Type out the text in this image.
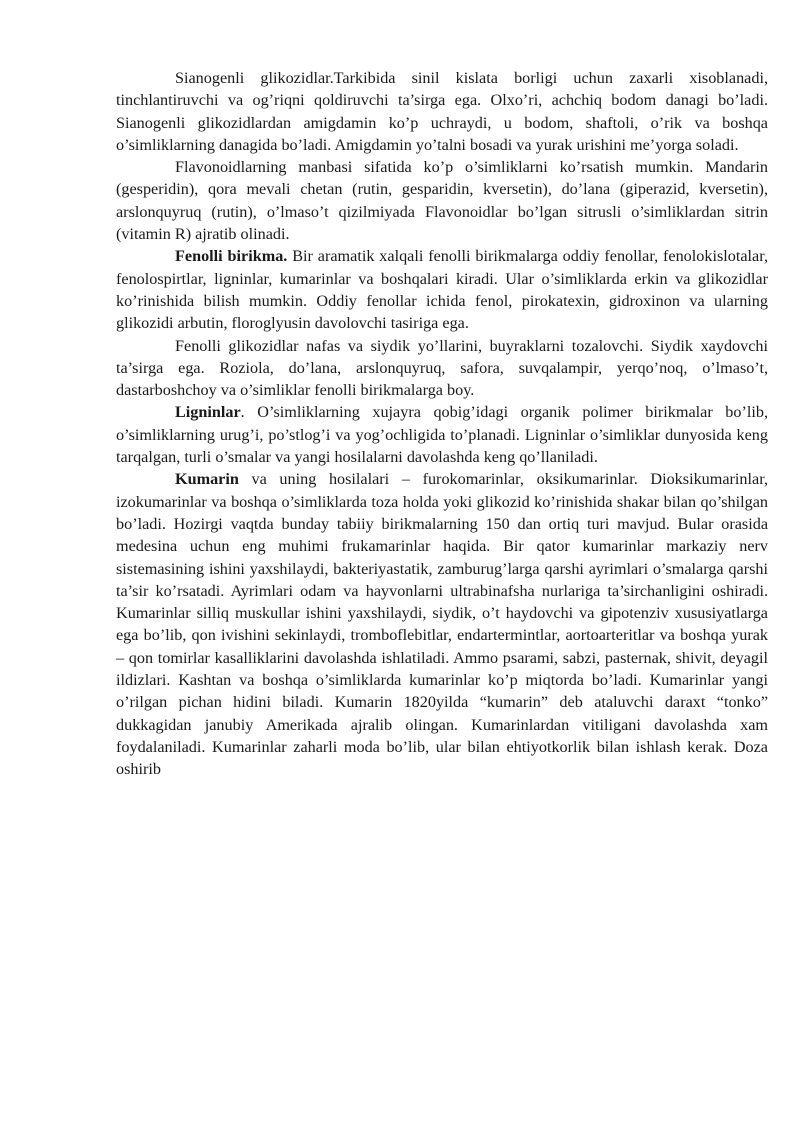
Sianogenli glikozidlar.Tarkibida sinil kislata borligi uchun zaxarli xisoblanadi, tinchlantiruvchi va og’riqni qoldiruvchi ta’sirga ega. Olxo’ri, achchiq bodom danagi bo’ladi. Sianogenli glikozidlardan amigdamin ko’p uchraydi, u bodom, shaftoli, o’rik va boshqa o’simliklarning danagida bo’ladi. Amigdamin yo’talni bosadi va yurak urishini me’yorga soladi.

Flavonoidlarning manbasi sifatida ko’p o’simliklarni ko’rsatish mumkin. Mandarin (gesperidin), qora mevali chetan (rutin, gesparidin, kversetin), do’lana (giperazid, kversetin), arslonquyruq (rutin), o’lmaso’t qizilmiyada Flavonoidlar bo’lgan sitrusli o’simliklardan sitrin (vitamin R) ajratib olinadi.

Fenolli birikma. Bir aramatik xalqali fenolli birikmalarga oddiy fenollar, fenolokislotalar, fenolospirtlar, ligninlar, kumarinlar va boshqalari kiradi. Ular o’simliklarda erkin va glikozidlar ko’rinishida bilish mumkin. Oddiy fenollar ichida fenol, pirokatexin, gidroxinon va ularning glikozidi arbutin, floroglyusin davolovchi tasiriga ega.

Fenolli glikozidlar nafas va siydik yo’llarini, buyraklarni tozalovchi. Siydik xaydovchi ta’sirga ega. Roziola, do’lana, arslonquyruq, safora, suvqalampir, yerqo’noq, o’lmaso’t, dastarboshchoy va o’simliklar fenolli birikmalarga boy.

Ligninlar. O’simliklarning xujayra qobig’idagi organik polimer birikmalar bo’lib, o’simliklarning urug’i, po’stlog’i va yog’ochligida to’planadi. Ligninlar o’simliklar dunyosida keng tarqalgan, turli o’smalar va yangi hosilalarni davolashda keng qo’llaniladi.

Kumarin va uning hosilalari – furokomarinlar, oksikumarinlar. Dioksikumarinlar, izokumarinlar va boshqa o’simliklarda toza holda yoki glikozid ko’rinishida shakar bilan qo’shilgan bo’ladi. Hozirgi vaqtda bunday tabiiy birikmalarning 150 dan ortiq turi mavjud. Bular orasida medesina uchun eng muhimi frukamarinlar haqida. Bir qator kumarinlar markaziy nerv sistemasining ishini yaxshilaydi, bakteriyastatik, zamburug’larga qarshi ayrimlari o’smalarga qarshi ta’sir ko’rsatadi. Ayrimlari odam va hayvonlarni ultrabinafsha nurlariga ta’sirchanligini oshiradi. Kumarinlar silliq muskullar ishini yaxshilaydi, siydik, o’t haydovchi va gipotenziv xususiyatlarga ega bo’lib, qon ivishini sekinlaydi, tromboflebitlar, endartermintlar, aortoarteritlar va boshqa yurak – qon tomirlar kasalliklarini davolashda ishlatiladi. Ammo psarami, sabzi, pasternak, shivit, deyagil ildizlari. Kashtan va boshqa o’simliklarda kumarinlar ko’p miqtorda bo’ladi. Kumarinlar yangi o’rilgan pichan hidini biladi. Kumarin 1820yilda “kumarin” deb ataluvchi daraxt “tonko” dukkagidan janubiy Amerikada ajralib olingan. Kumarinlardan vitiligani davolashda xam foydalaniladi. Kumarinlar zaharli moda bo’lib, ular bilan ehtiyotkorlik bilan ishlash kerak. Doza oshirib
